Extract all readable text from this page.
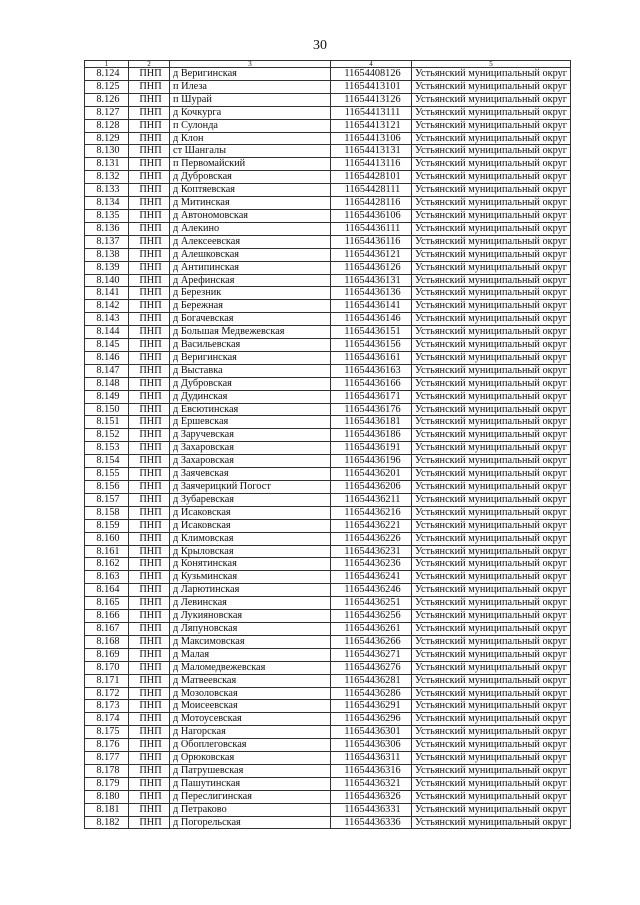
30
1	2	3	4	5
8.124	ПНП	д Веригинская	11654408126	Устьянский муниципальный округ
8.125	ПНП	п Илеза	11654413101	Устьянский муниципальный округ
8.126	ПНП	п Шурай	11654413126	Устьянский муниципальный округ
8.127	ПНП	д Кочкурга	11654413111	Устьянский муниципальный округ
8.128	ПНП	п Сулонда	11654413121	Устьянский муниципальный округ
8.129	ПНП	д Клон	11654413106	Устьянский муниципальный округ
8.130	ПНП	ст Шангалы	11654413131	Устьянский муниципальный округ
8.131	ПНП	п Первомайский	11654413116	Устьянский муниципальный округ
8.132	ПНП	д Дубровская	11654428101	Устьянский муниципальный округ
8.133	ПНП	д Коптяевская	11654428111	Устьянский муниципальный округ
8.134	ПНП	д Митинская	11654428116	Устьянский муниципальный округ
8.135	ПНП	д Автономовская	11654436106	Устьянский муниципальный округ
8.136	ПНП	д Алекино	11654436111	Устьянский муниципальный округ
8.137	ПНП	д Алексеевская	11654436116	Устьянский муниципальный округ
8.138	ПНП	д Алешковская	11654436121	Устьянский муниципальный округ
8.139	ПНП	д Антипинская	11654436126	Устьянский муниципальный округ
8.140	ПНП	д Арефинская	11654436131	Устьянский муниципальный округ
8.141	ПНП	д Березник	11654436136	Устьянский муниципальный округ
8.142	ПНП	д Бережная	11654436141	Устьянский муниципальный округ
8.143	ПНП	д Богачевская	11654436146	Устьянский муниципальный округ
8.144	ПНП	д Большая Медвежевская	11654436151	Устьянский муниципальный округ
8.145	ПНП	д Васильевская	11654436156	Устьянский муниципальный округ
8.146	ПНП	д Веригинская	11654436161	Устьянский муниципальный округ
8.147	ПНП	д Выставка	11654436163	Устьянский муниципальный округ
8.148	ПНП	д Дубровская	11654436166	Устьянский муниципальный округ
8.149	ПНП	д Дудинская	11654436171	Устьянский муниципальный округ
8.150	ПНП	д Евсютинская	11654436176	Устьянский муниципальный округ
8.151	ПНП	д Ершевская	11654436181	Устьянский муниципальный округ
8.152	ПНП	д Заручевская	11654436186	Устьянский муниципальный округ
8.153	ПНП	д Захаровская	11654436191	Устьянский муниципальный округ
8.154	ПНП	д Захаровская	11654436196	Устьянский муниципальный округ
8.155	ПНП	д Заячевская	11654436201	Устьянский муниципальный округ
8.156	ПНП	д Заячерицкий Погост	11654436206	Устьянский муниципальный округ
8.157	ПНП	д Зубаревская	11654436211	Устьянский муниципальный округ
8.158	ПНП	д Исаковская	11654436216	Устьянский муниципальный округ
8.159	ПНП	д Исаковская	11654436221	Устьянский муниципальный округ
8.160	ПНП	д Климовская	11654436226	Устьянский муниципальный округ
8.161	ПНП	д Крыловская	11654436231	Устьянский муниципальный округ
8.162	ПНП	д Конятинская	11654436236	Устьянский муниципальный округ
8.163	ПНП	д Кузьминская	11654436241	Устьянский муниципальный округ
8.164	ПНП	д Ларютинская	11654436246	Устьянский муниципальный округ
8.165	ПНП	д Левинская	11654436251	Устьянский муниципальный округ
8.166	ПНП	д Лукияновская	11654436256	Устьянский муниципальный округ
8.167	ПНП	д Ляпуновская	11654436261	Устьянский муниципальный округ
8.168	ПНП	д Максимовская	11654436266	Устьянский муниципальный округ
8.169	ПНП	д Малая	11654436271	Устьянский муниципальный округ
8.170	ПНП	д Маломедвежевская	11654436276	Устьянский муниципальный округ
8.171	ПНП	д Матвеевская	11654436281	Устьянский муниципальный округ
8.172	ПНП	д Мозоловская	11654436286	Устьянский муниципальный округ
8.173	ПНП	д Моисеевская	11654436291	Устьянский муниципальный округ
8.174	ПНП	д Мотоусевская	11654436296	Устьянский муниципальный округ
8.175	ПНП	д Нагорская	11654436301	Устьянский муниципальный округ
8.176	ПНП	д Обоплеговская	11654436306	Устьянский муниципальный округ
8.177	ПНП	д Орюковская	11654436311	Устьянский муниципальный округ
8.178	ПНП	д Патрушевская	11654436316	Устьянский муниципальный округ
8.179	ПНП	д Пашутинская	11654436321	Устьянский муниципальный округ
8.180	ПНП	д Переслигинская	11654436326	Устьянский муниципальный округ
8.181	ПНП	д Петраково	11654436331	Устьянский муниципальный округ
8.182	ПНП	д Погорельская	11654436336	Устьянский муниципальный округ
